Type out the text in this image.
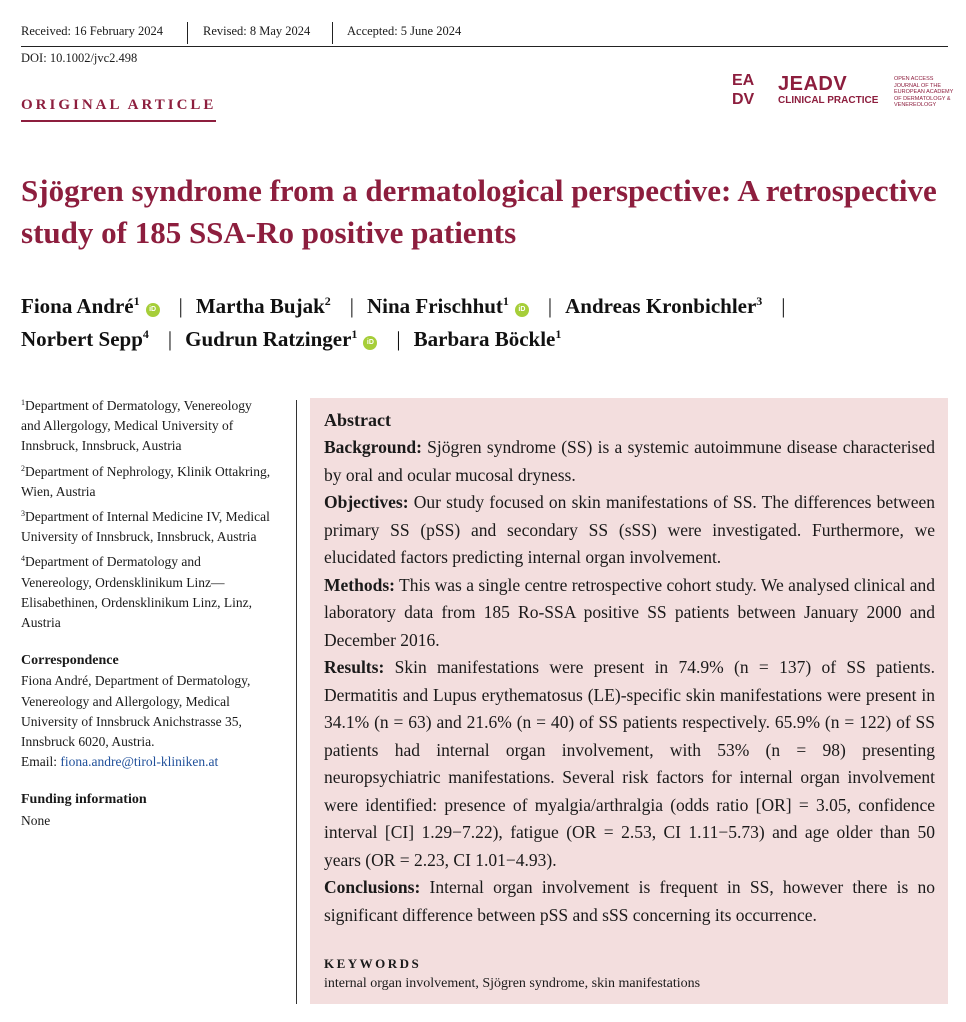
Received: 16 February 2024	Revised: 8 May 2024	Accepted: 5 June 2024
DOI: 10.1002/jvc2.498
ORIGINAL ARTICLE
EA
DV
JEADV
CLINICAL PRACTICE
OPEN ACCESS JOURNAL OF THE EUROPEAN ACADEMY OF DERMATOLOGY & VENEREOLOGY
Sjögren syndrome from a dermatological perspective: A retrospective study of 185 SSA-Ro positive patients
Fiona André$^1$iD | Martha Bujak$^2$ | Nina Frischhut$^1$iD | Andreas Kronbichler$^3$ |
Norbert Sepp$^4$ | Gudrun Ratzinger$^1$iD | Barbara Böckle$^1$
$^1$Department of Dermatology, Venereology and Allergology, Medical University of Innsbruck, Innsbruck, Austria
$^2$Department of Nephrology, Klinik Ottakring, Wien, Austria
$^3$Department of Internal Medicine IV, Medical University of Innsbruck, Innsbruck, Austria
$^4$Department of Dermatology and Venereology, Ordensklinikum Linz—Elisabethinen, Ordensklinikum Linz, Linz, Austria
Correspondence
Fiona André, Department of Dermatology, Venereology and Allergology, Medical University of Innsbruck Anichstrasse 35, Innsbruck 6020, Austria.
Email: fiona.andre@tirol-kliniken.at
Funding information
None
Abstract

Background: Sjögren syndrome (SS) is a systemic autoimmune disease characterised by oral and ocular mucosal dryness.

Objectives: Our study focused on skin manifestations of SS. The differences between primary SS (pSS) and secondary SS (sSS) were investigated. Furthermore, we elucidated factors predicting internal organ involvement.

Methods: This was a single centre retrospective cohort study. We analysed clinical and laboratory data from 185 Ro-SSA positive SS patients between January 2000 and December 2016.

Results: Skin manifestations were present in 74.9% (n = 137) of SS patients. Dermatitis and Lupus erythematosus (LE)-specific skin manifestations were present in 34.1% (n = 63) and 21.6% (n = 40) of SS patients respectively. 65.9% (n = 122) of SS patients had internal organ involvement, with 53% (n = 98) presenting neuropsychiatric manifestations. Several risk factors for internal organ involvement were identified: presence of myalgia/arthralgia (odds ratio [OR] = 3.05, confidence interval [CI] 1.29−7.22), fatigue (OR = 2.53, CI 1.11−5.73) and age older than 50 years (OR = 2.23, CI 1.01−4.93).

Conclusions: Internal organ involvement is frequent in SS, however there is no significant difference between pSS and sSS concerning its occurrence.

KEYWORDS
internal organ involvement, Sjögren syndrome, skin manifestations
